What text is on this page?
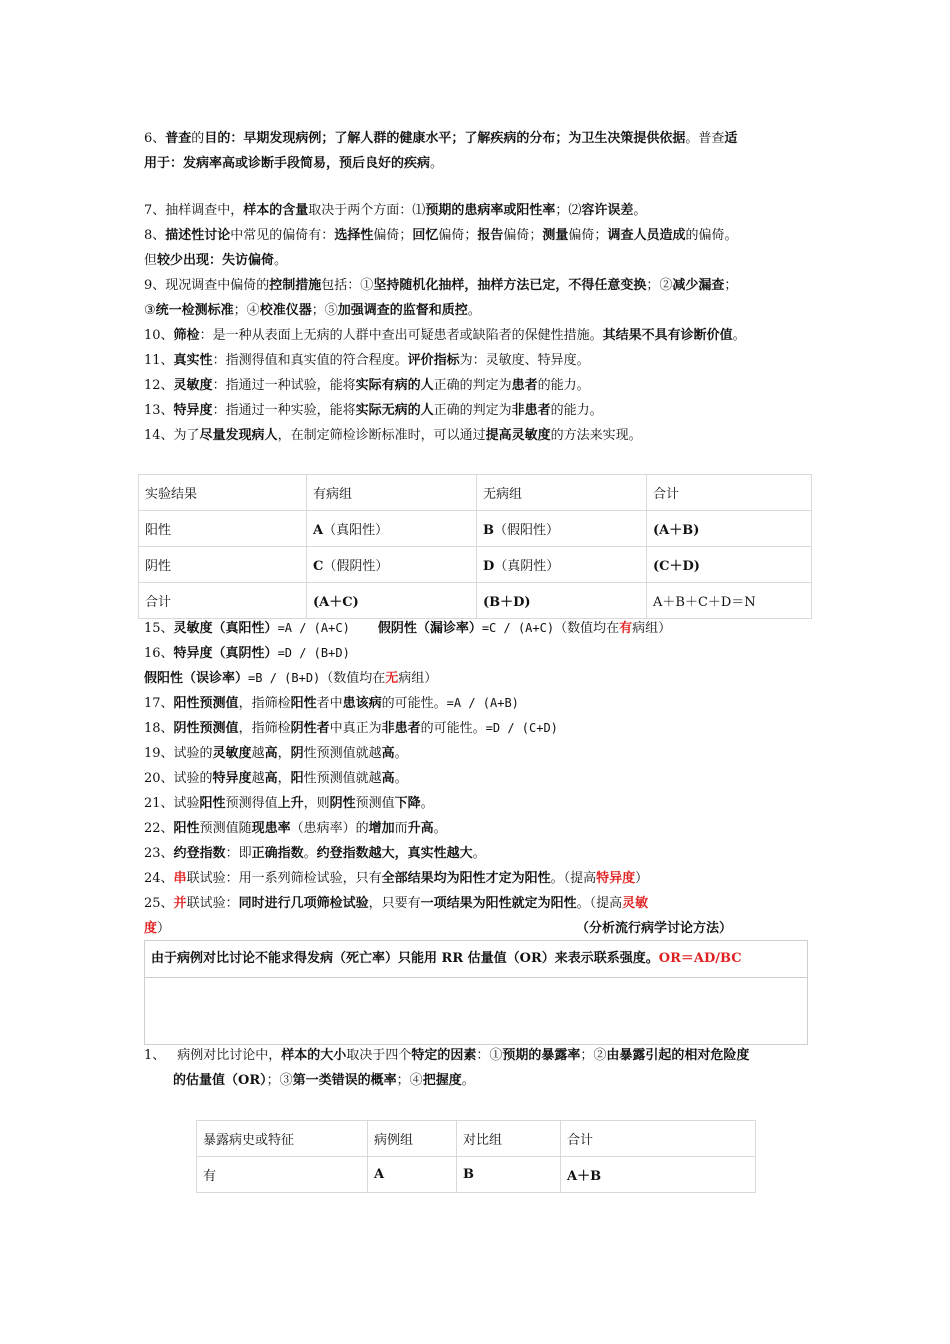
6、普查的目的：早期发现病例；了解人群的健康水平；了解疾病的分布；为卫生决策提供依据。普查适

用于：发病率高或诊断手段简易，预后良好的疾病。

7、抽样调查中，样本的含量取决于两个方面：⑴预期的患病率或阳性率；⑵容许误差。

8、描述性讨论中常见的偏倚有：选择性偏倚；回忆偏倚；报告偏倚；测量偏倚；调查人员造成的偏倚。

但较少出现：失访偏倚。

9、现况调查中偏倚的控制措施包括：①坚持随机化抽样，抽样方法已定，不得任意变换；②减少漏查；

③统一检测标准；④校准仪器；⑤加强调查的监督和质控。

10、筛检：是一种从表面上无病的人群中查出可疑患者或缺陷者的保健性措施。其结果不具有诊断价值。

11、真实性：指测得值和真实值的符合程度。评价指标为：灵敏度、特异度。

12、灵敏度：指通过一种试验，能将实际有病的人正确的判定为患者的能力。

13、特异度：指通过一种实验，能将实际无病的人正确的判定为非患者的能力。

14、为了尽量发现病人，在制定筛检诊断标准时，可以通过提高灵敏度的方法来实现。

实验结果	有病组	无病组	合计
阳性	A（真阳性）	B（假阳性）	(A＋B)
阴性	C（假阴性）	D（真阴性）	(C＋D)
合计	(A＋C)	(B＋D)	A＋B＋C＋D＝N

15、灵敏度（真阳性）=A / (A+C) 假阴性（漏诊率）=C / (A+C)（数值均在有病组）

16、特异度（真阴性）=D / (B+D)

假阳性（误诊率）=B / (B+D)（数值均在无病组）

17、阳性预测值，指筛检阳性者中患该病的可能性。=A / (A+B)

18、阴性预测值，指筛检阴性者中真正为非患者的可能性。=D / (C+D)

19、试验的灵敏度越高，阴性预测值就越高。

20、试验的特异度越高，阳性预测值就越高。

21、试验阳性预测得值上升，则阴性预测值下降。

22、阳性预测值随现患率（患病率）的增加而升高。

23、约登指数：即正确指数。约登指数越大，真实性越大。

24、串联试验：用一系列筛检试验，只有全部结果均为阳性才定为阳性。（提高特异度）

25、并联试验：同时进行几项筛检试验，只要有一项结果为阳性就定为阳性。（提高灵敏

度）	（分析流行病学讨论方法）

由于病例对比讨论不能求得发病（死亡率）只能用 RR 估量值（OR）来表示联系强度。OR＝AD/BC

1、 病例对比讨论中，样本的大小取决于四个特定的因素：①预期的暴露率；②由暴露引起的相对危险度

的估量值（OR）；③第一类错误的概率；④把握度。

暴露病史或特征	病例组	对比组	合计
有	A	B	A＋B
